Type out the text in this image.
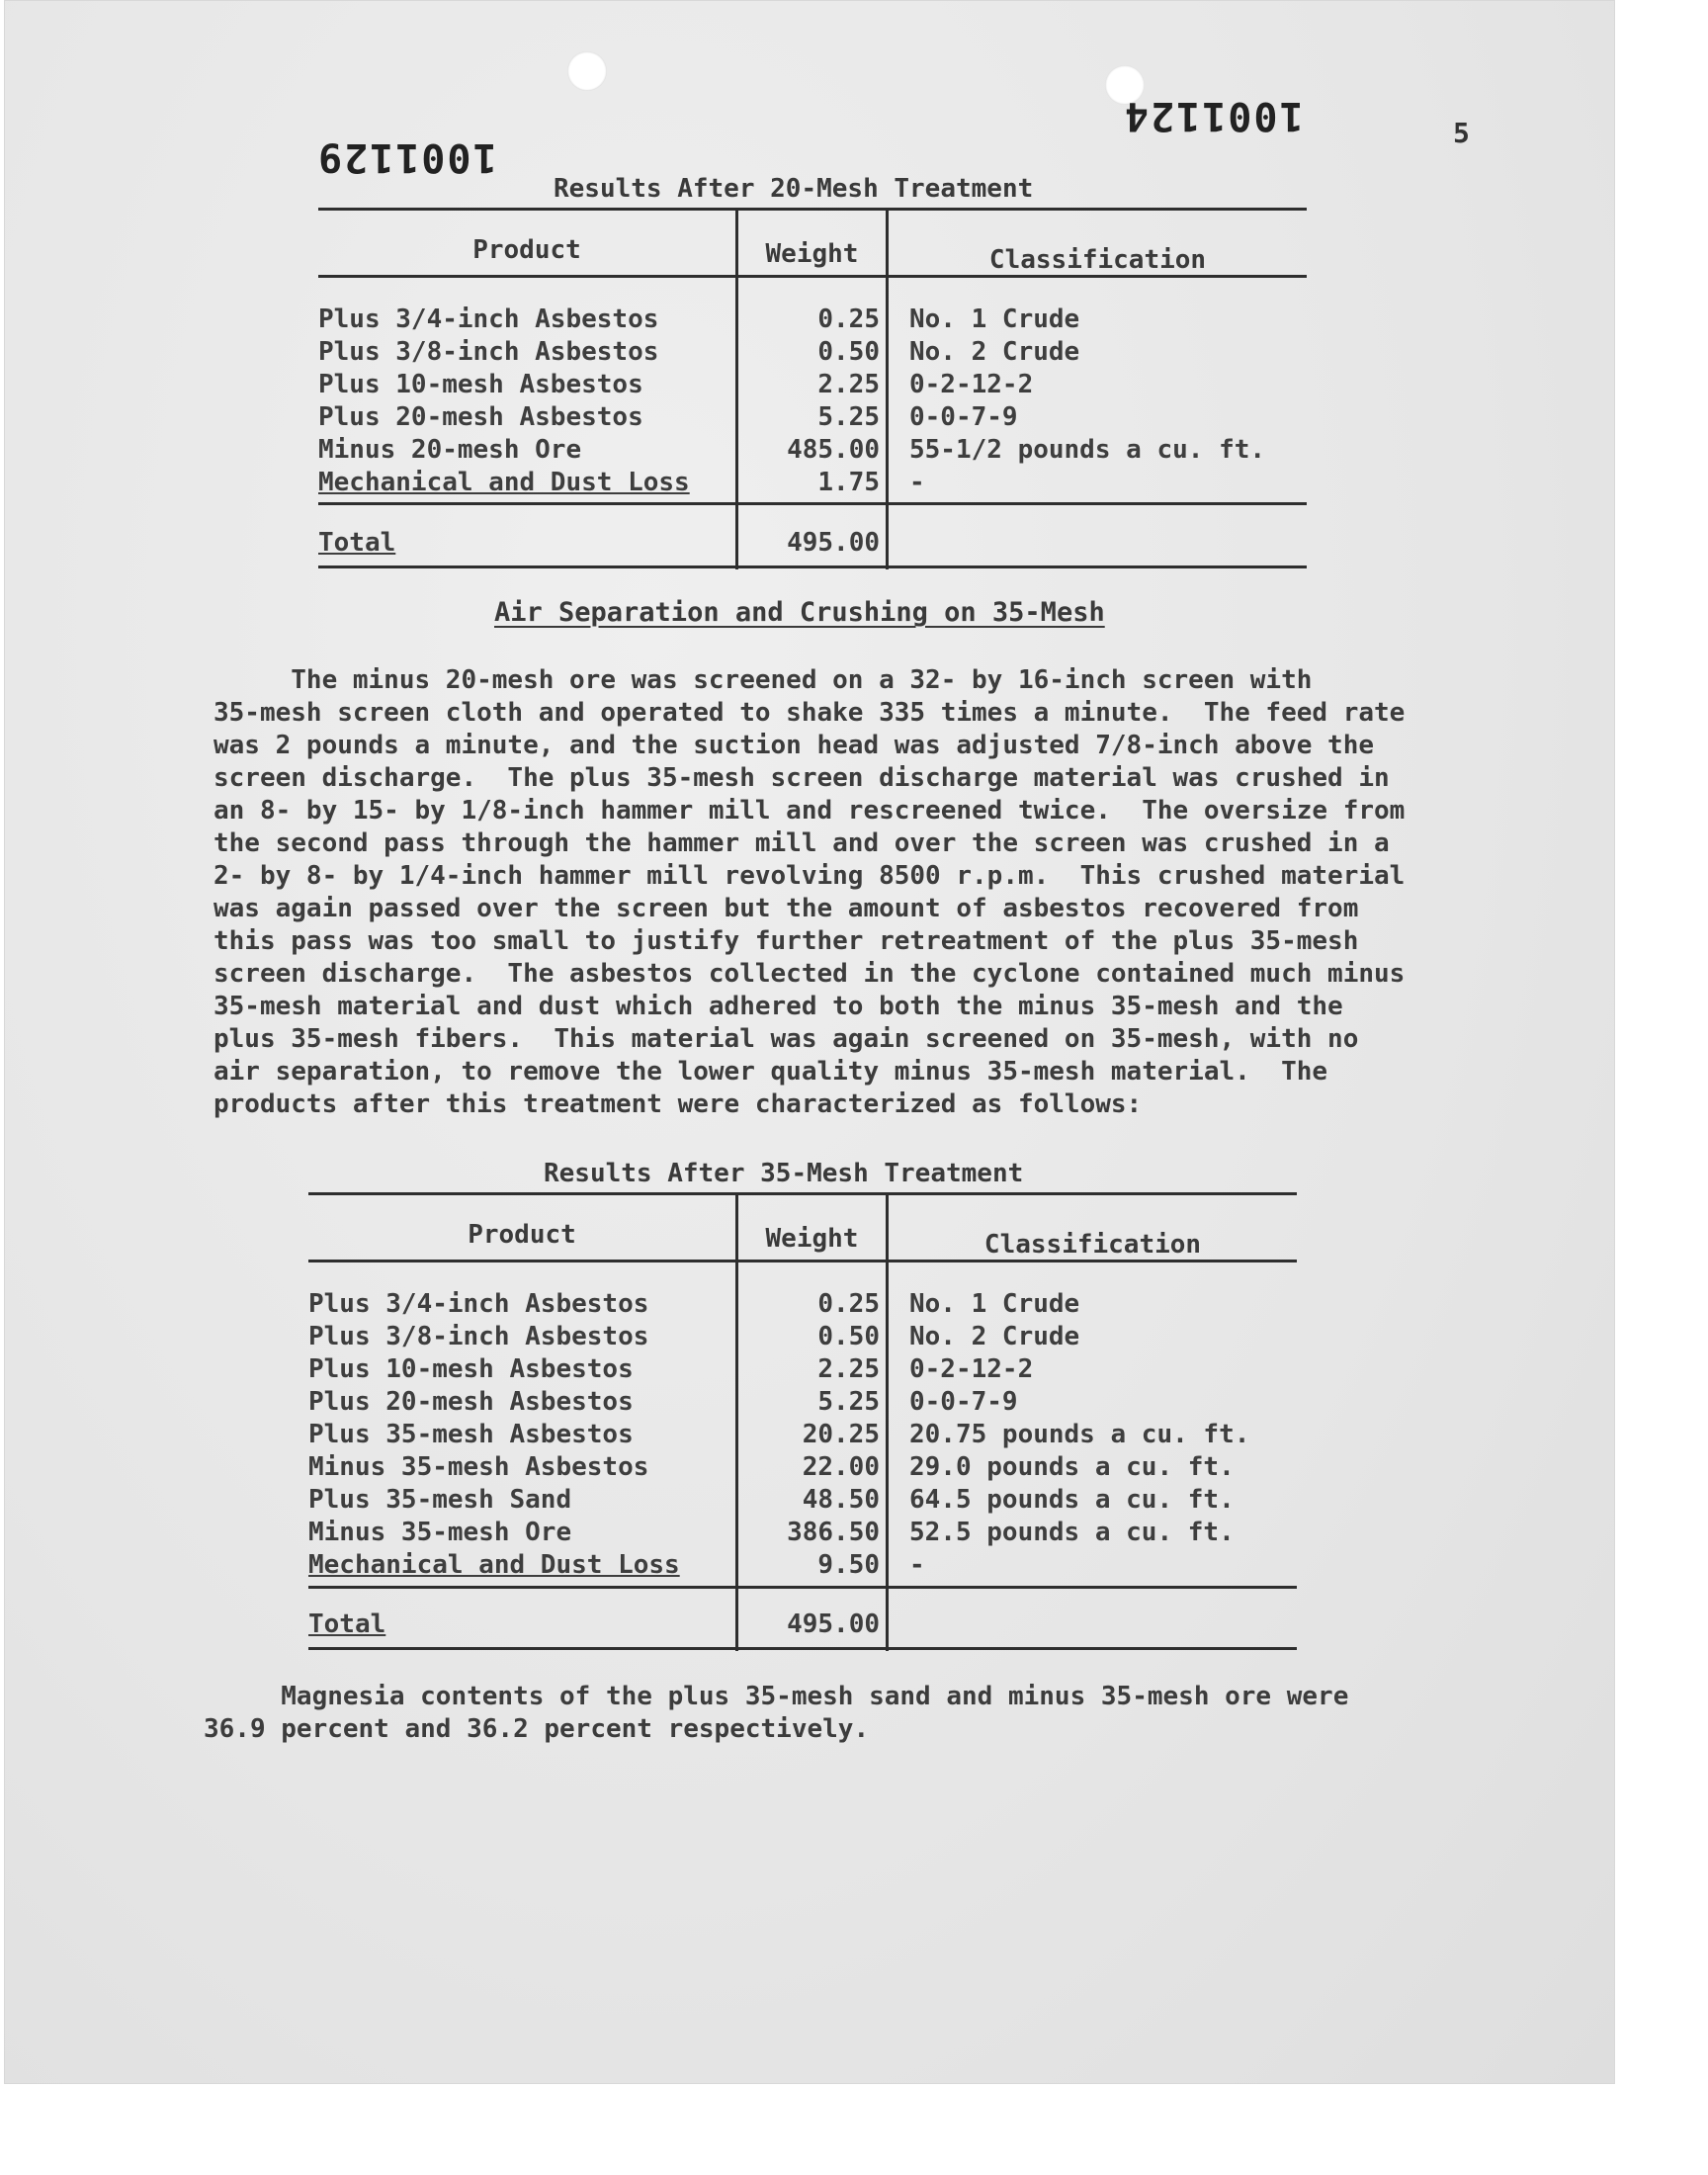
1001129
1001124	5
Results After 20-Mesh Treatment
Product	Weight	Classification
Plus 3/4-inch Asbestos	0.25 No. 1 Crude
Plus 3/8-inch Asbestos	0.50 No. 2 Crude
Plus 10-mesh Asbestos	2.25 0-2-12-2
Plus 20-mesh Asbestos	5.25 0-0-7-9
Minus 20-mesh Ore	485.00 55-1/2 pounds a cu. ft.
Mechanical and Dust Loss	1.75 -
Total	495.00
Air Separation and Crushing on 35-Mesh
The minus 20-mesh ore was screened on a 32- by 16-inch screen with
35-mesh screen cloth and operated to shake 335 times a minute.  The feed rate
was 2 pounds a minute, and the suction head was adjusted 7/8-inch above the
screen discharge.  The plus 35-mesh screen discharge material was crushed in
an 8- by 15- by 1/8-inch hammer mill and rescreened twice.  The oversize from
the second pass through the hammer mill and over the screen was crushed in a
2- by 8- by 1/4-inch hammer mill revolving 8500 r.p.m.  This crushed material
was again passed over the screen but the amount of asbestos recovered from
this pass was too small to justify further retreatment of the plus 35-mesh
screen discharge.  The asbestos collected in the cyclone contained much minus
35-mesh material and dust which adhered to both the minus 35-mesh and the
plus 35-mesh fibers.  This material was again screened on 35-mesh, with no
air separation, to remove the lower quality minus 35-mesh material.  The
products after this treatment were characterized as follows:
Results After 35-Mesh Treatment
Product	Weight	Classification
Plus 3/4-inch Asbestos	0.25 No. 1 Crude
Plus 3/8-inch Asbestos	0.50 No. 2 Crude
Plus 10-mesh Asbestos	2.25 0-2-12-2
Plus 20-mesh Asbestos	5.25 0-0-7-9
Plus 35-mesh Asbestos	20.25 20.75 pounds a cu. ft.
Minus 35-mesh Asbestos	22.00 29.0 pounds a cu. ft.
Plus 35-mesh Sand	48.50 64.5 pounds a cu. ft.
Minus 35-mesh Ore	386.50 52.5 pounds a cu. ft.
Mechanical and Dust Loss	9.50 -
Total	495.00
Magnesia contents of the plus 35-mesh sand and minus 35-mesh ore were
36.9 percent and 36.2 percent respectively.
